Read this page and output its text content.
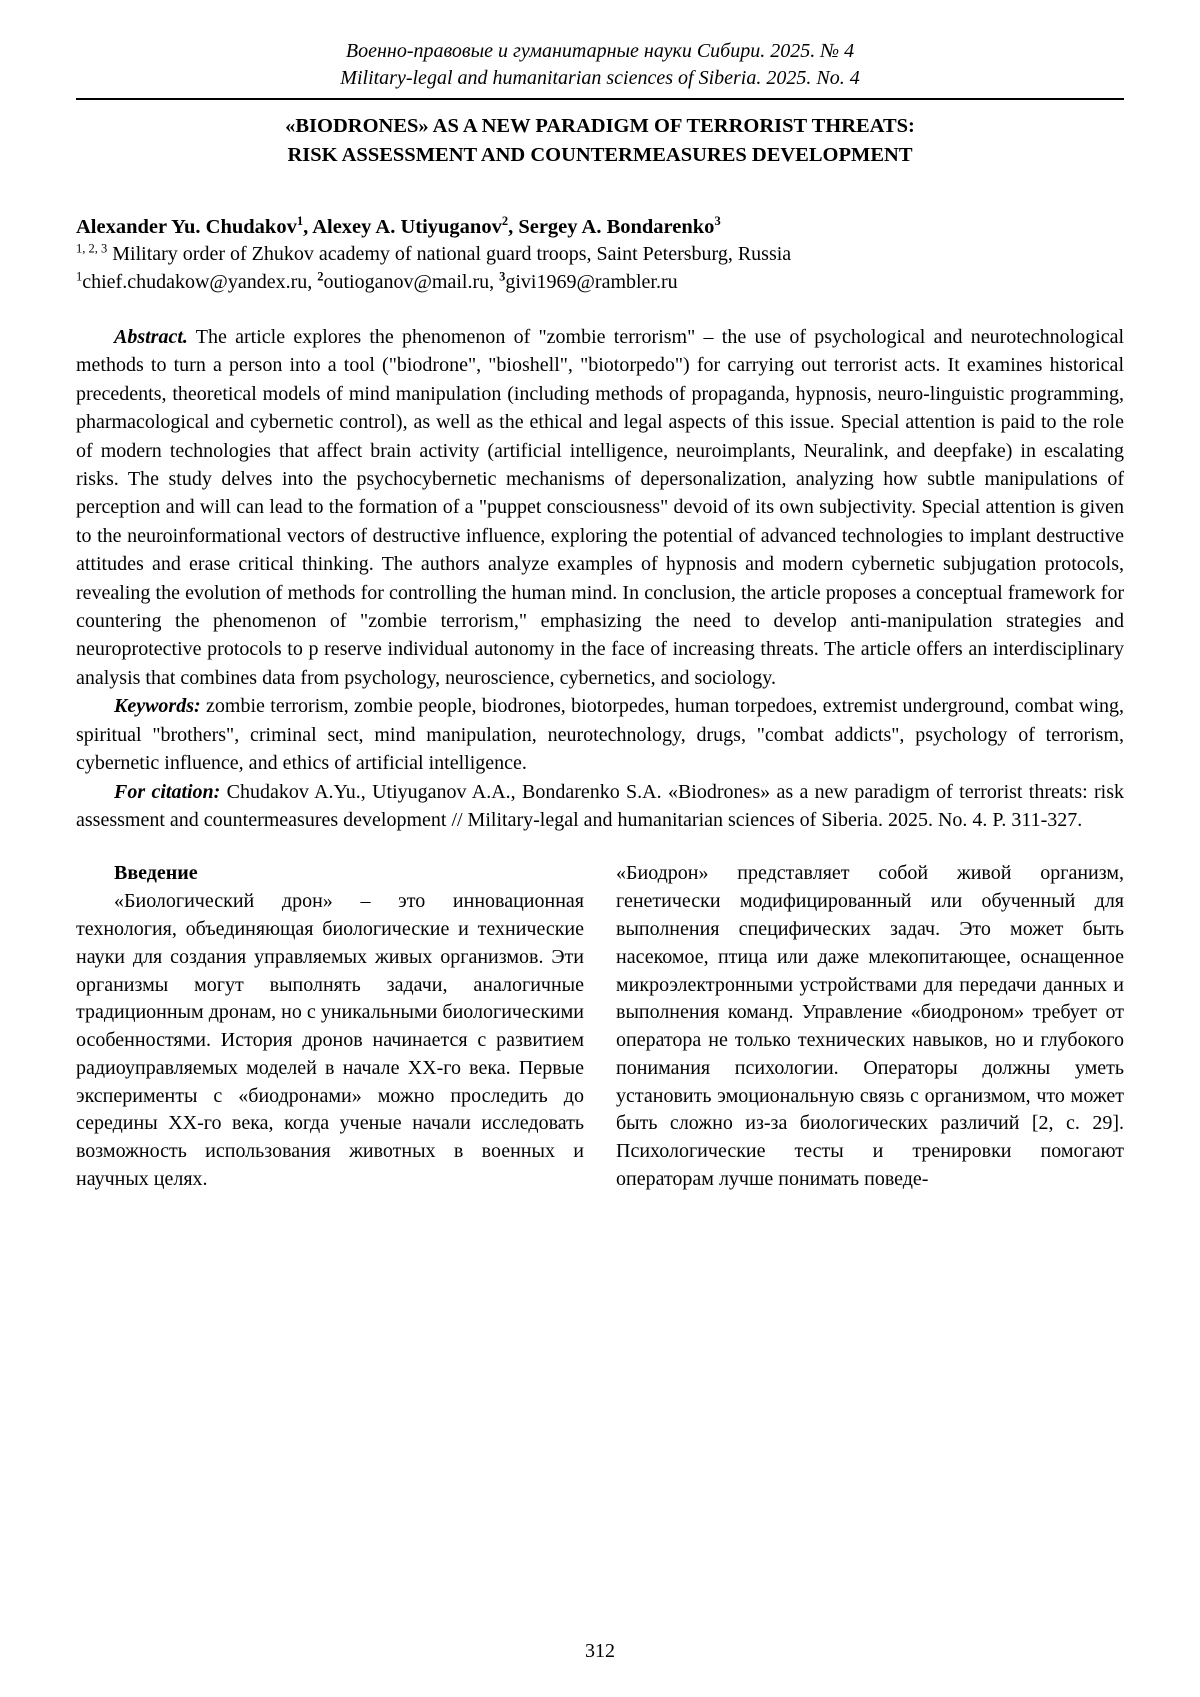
Военно-правовые и гуманитарные науки Сибири. 2025. № 4
Military-legal and humanitarian sciences of Siberia. 2025. No. 4
«BIODRONES» AS A NEW PARADIGM OF TERRORIST THREATS:
RISK ASSESSMENT AND COUNTERMEASURES DEVELOPMENT
Alexander Yu. Chudakov$^1$, Alexey A. Utiyuganov$^2$, Sergey A. Bondarenko$^3$
$^{1, 2, 3}$ Military order of Zhukov academy of national guard troops, Saint Petersburg, Russia
$^1$chief.chudakow@yandex.ru, $^2$outioganov@mail.ru, $^3$givi1969@rambler.ru

Abstract. The article explores the phenomenon of "zombie terrorism" – the use of psychological and neurotechnological methods to turn a person into a tool ("biodrone", "bioshell", "biotorpedo") for carrying out terrorist acts. It examines historical precedents, theoretical models of mind manipulation (including methods of propaganda, hypnosis, neuro-linguistic programming, pharmacological and cybernetic control), as well as the ethical and legal aspects of this issue. Special attention is paid to the role of modern technologies that affect brain activity (artificial intelligence, neuroimplants, Neuralink, and deepfake) in escalating risks. The study delves into the psychocybernetic mechanisms of depersonalization, analyzing how subtle manipulations of perception and will can lead to the formation of a "puppet consciousness" devoid of its own subjectivity. Special attention is given to the neuroinformational vectors of destructive influence, exploring the potential of advanced technologies to implant destructive attitudes and erase critical thinking. The authors analyze examples of hypnosis and modern cybernetic subjugation protocols, revealing the evolution of methods for controlling the human mind. In conclusion, the article proposes a conceptual framework for countering the phenomenon of "zombie terrorism," emphasizing the need to develop anti-manipulation strategies and neuroprotective protocols to p reserve individual autonomy in the face of increasing threats. The article offers an interdisciplinary analysis that combines data from psychology, neuroscience, cybernetics, and sociology.

Keywords: zombie terrorism, zombie people, biodrones, biotorpedes, human torpedoes, extremist underground, combat wing, spiritual "brothers", criminal sect, mind manipulation, neurotechnology, drugs, "combat addicts", psychology of terrorism, cybernetic influence, and ethics of artificial intelligence.

For citation: Chudakov A.Yu., Utiyuganov A.A., Bondarenko S.A. «Biodrones» as a new paradigm of terrorist threats: risk assessment and countermeasures development // Military-legal and humanitarian sciences of Siberia. 2025. No. 4. P. 311-327.

Введение

«Биологический дрон» – это инновационная технология, объединяющая биологические и технические науки для создания управляемых живых организмов. Эти организмы могут выполнять задачи, аналогичные традиционным дронам, но с уникальными биологическими особенностями. История дронов начинается с развитием радиоуправляемых моделей в начале XX-го века. Первые эксперименты с «биодронами» можно проследить до середины XX-го века, когда ученые начали исследовать возможность использования животных в военных и научных целях.

«Биодрон» представляет собой живой организм, генетически модифицированный или обученный для выполнения специфических задач. Это может быть насекомое, птица или даже млекопитающее, оснащенное микроэлектронными устройствами для передачи данных и выполнения команд. Управление «биодроном» требует от оператора не только технических навыков, но и глубокого понимания психологии. Операторы должны уметь установить эмоциональную связь с организмом, что может быть сложно из-за биологических различий [2, с. 29]. Психологические тесты и тренировки помогают операторам лучше понимать поведе-

312
